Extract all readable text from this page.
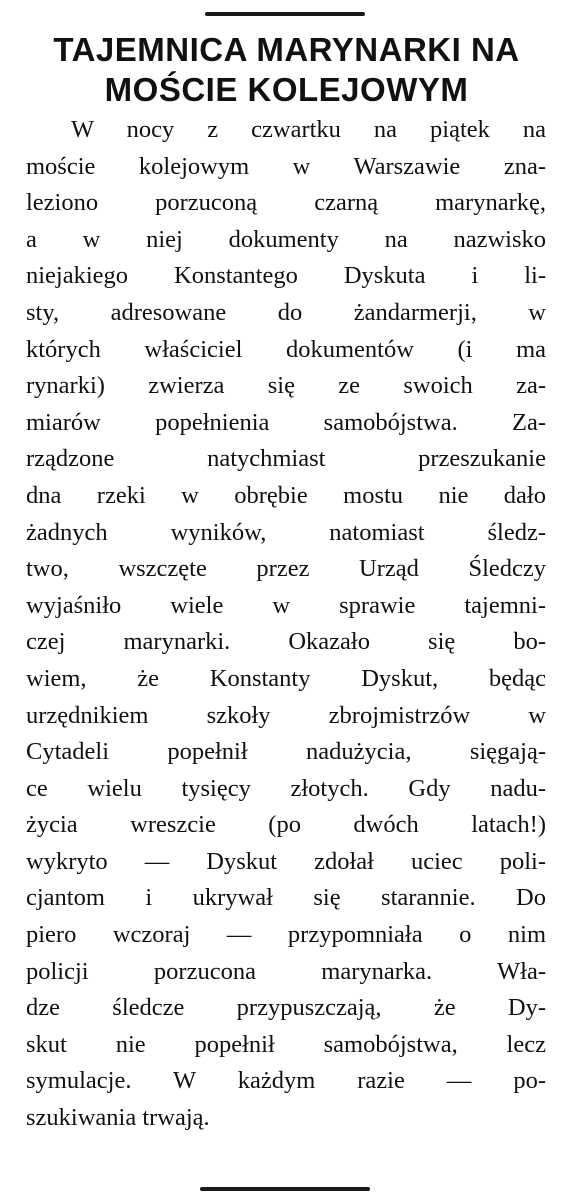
TAJEMNICA MARYNARKI NA
MOŚCIE KOLEJOWYM
W nocy z czwartku na piątek na
moście kolejowym w Warszawie zna-
leziono porzuconą czarną marynarkę,
a w niej dokumenty na nazwisko
niejakiego Konstantego Dyskuta i li-
sty, adresowane do żandarmerji, w
których właściciel dokumentów (i ma
rynarki) zwierza się ze swoich za-
miarów popełnienia samobójstwa. Za-
rządzone natychmiast przeszukanie
dna rzeki w obrębie mostu nie dało
żadnych wyników, natomiast śledz-
two, wszczęte przez Urząd Śledczy
wyjaśniło wiele w sprawie tajemni-
czej marynarki. Okazało się bo-
wiem, że Konstanty Dyskut, będąc
urzędnikiem szkoły zbrojmistrzów w
Cytadeli popełnił nadużycia, sięgają-
ce wielu tysięcy złotych. Gdy nadu-
życia wreszcie (po dwóch latach!)
wykryto — Dyskut zdołał uciec poli-
cjantom i ukrywał się starannie. Do
piero wczoraj — przypomniała o nim
policji porzucona marynarka. Wła-
dze śledcze przypuszczają, że Dy-
skut nie popełnił samobójstwa, lecz
symulacje. W każdym razie — po-
szukiwania trwają.
